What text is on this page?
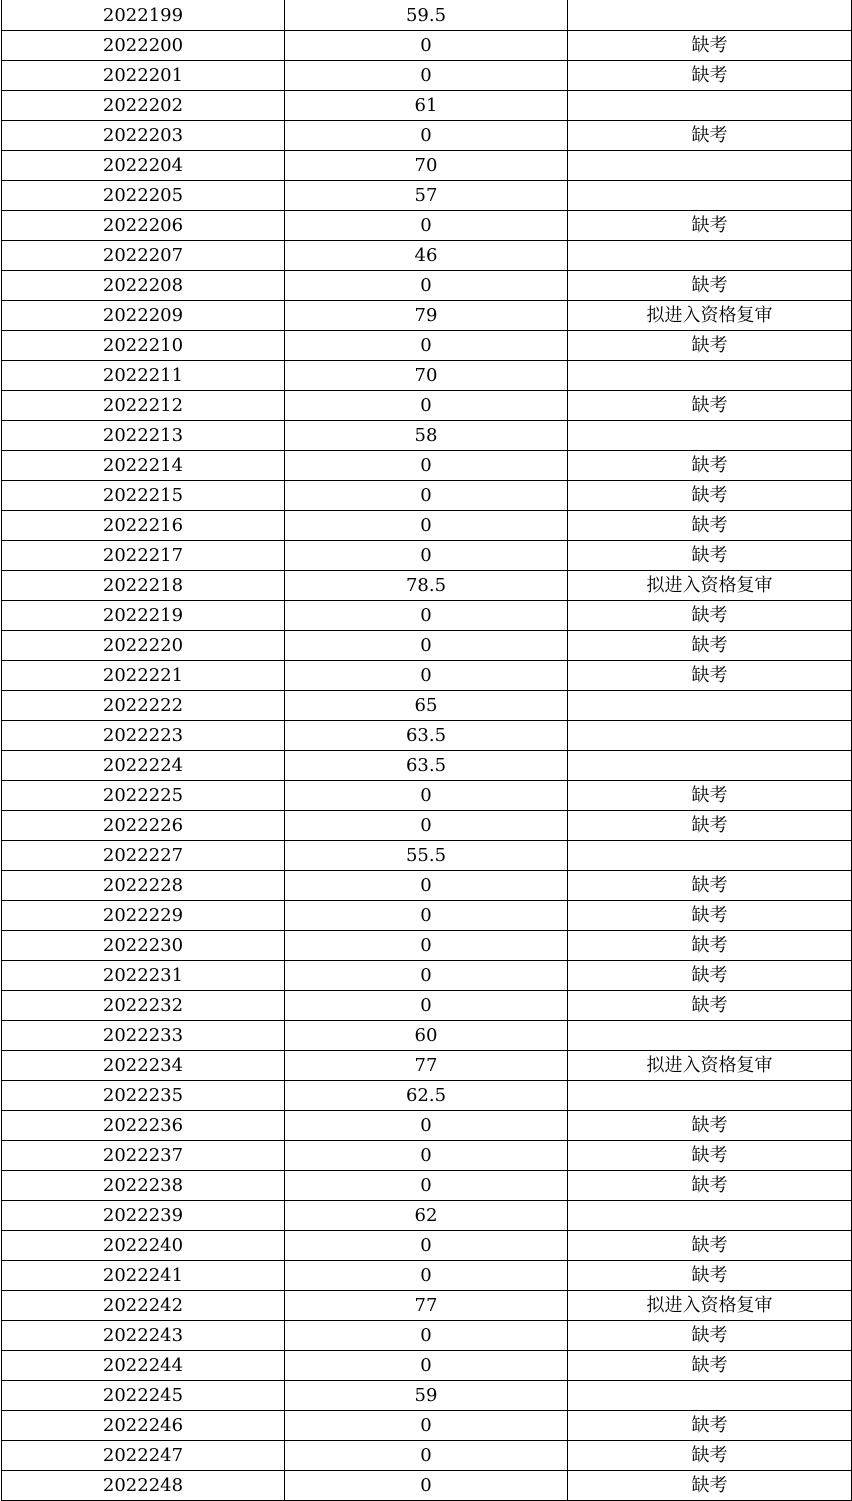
2022199	59.5	
2022200	0	缺考
2022201	0	缺考
2022202	61	
2022203	0	缺考
2022204	70	
2022205	57	
2022206	0	缺考
2022207	46	
2022208	0	缺考
2022209	79	拟进入资格复审
2022210	0	缺考
2022211	70	
2022212	0	缺考
2022213	58	
2022214	0	缺考
2022215	0	缺考
2022216	0	缺考
2022217	0	缺考
2022218	78.5	拟进入资格复审
2022219	0	缺考
2022220	0	缺考
2022221	0	缺考
2022222	65	
2022223	63.5	
2022224	63.5	
2022225	0	缺考
2022226	0	缺考
2022227	55.5	
2022228	0	缺考
2022229	0	缺考
2022230	0	缺考
2022231	0	缺考
2022232	0	缺考
2022233	60	
2022234	77	拟进入资格复审
2022235	62.5	
2022236	0	缺考
2022237	0	缺考
2022238	0	缺考
2022239	62	
2022240	0	缺考
2022241	0	缺考
2022242	77	拟进入资格复审
2022243	0	缺考
2022244	0	缺考
2022245	59	
2022246	0	缺考
2022247	0	缺考
2022248	0	缺考
